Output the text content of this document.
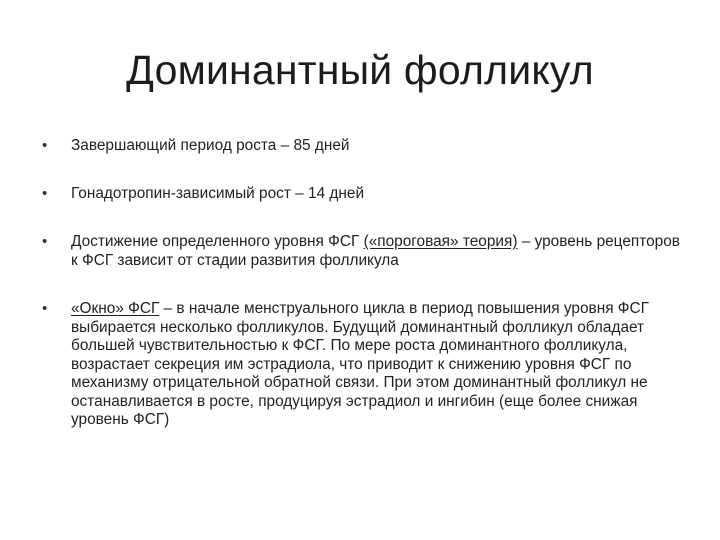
Доминантный фолликул
• Завершающий период роста – 85 дней
• Гонадотропин-зависимый рост – 14 дней
• Достижение определенного уровня ФСГ («пороговая» теория) – уровень рецепторов к ФСГ зависит от стадии развития фолликула
• «Окно» ФСГ – в начале менструального цикла в период повышения уровня ФСГ выбирается несколько фолликулов. Будущий доминантный фолликул обладает большей чувствительностью к ФСГ. По мере роста доминантного фолликула, возрастает секреция им эстрадиола, что приводит к снижению уровня ФСГ по механизму отрицательной обратной связи. При этом доминантный фолликул не останавливается в росте, продуцируя эстрадиол и ингибин (еще более снижая уровень ФСГ)
